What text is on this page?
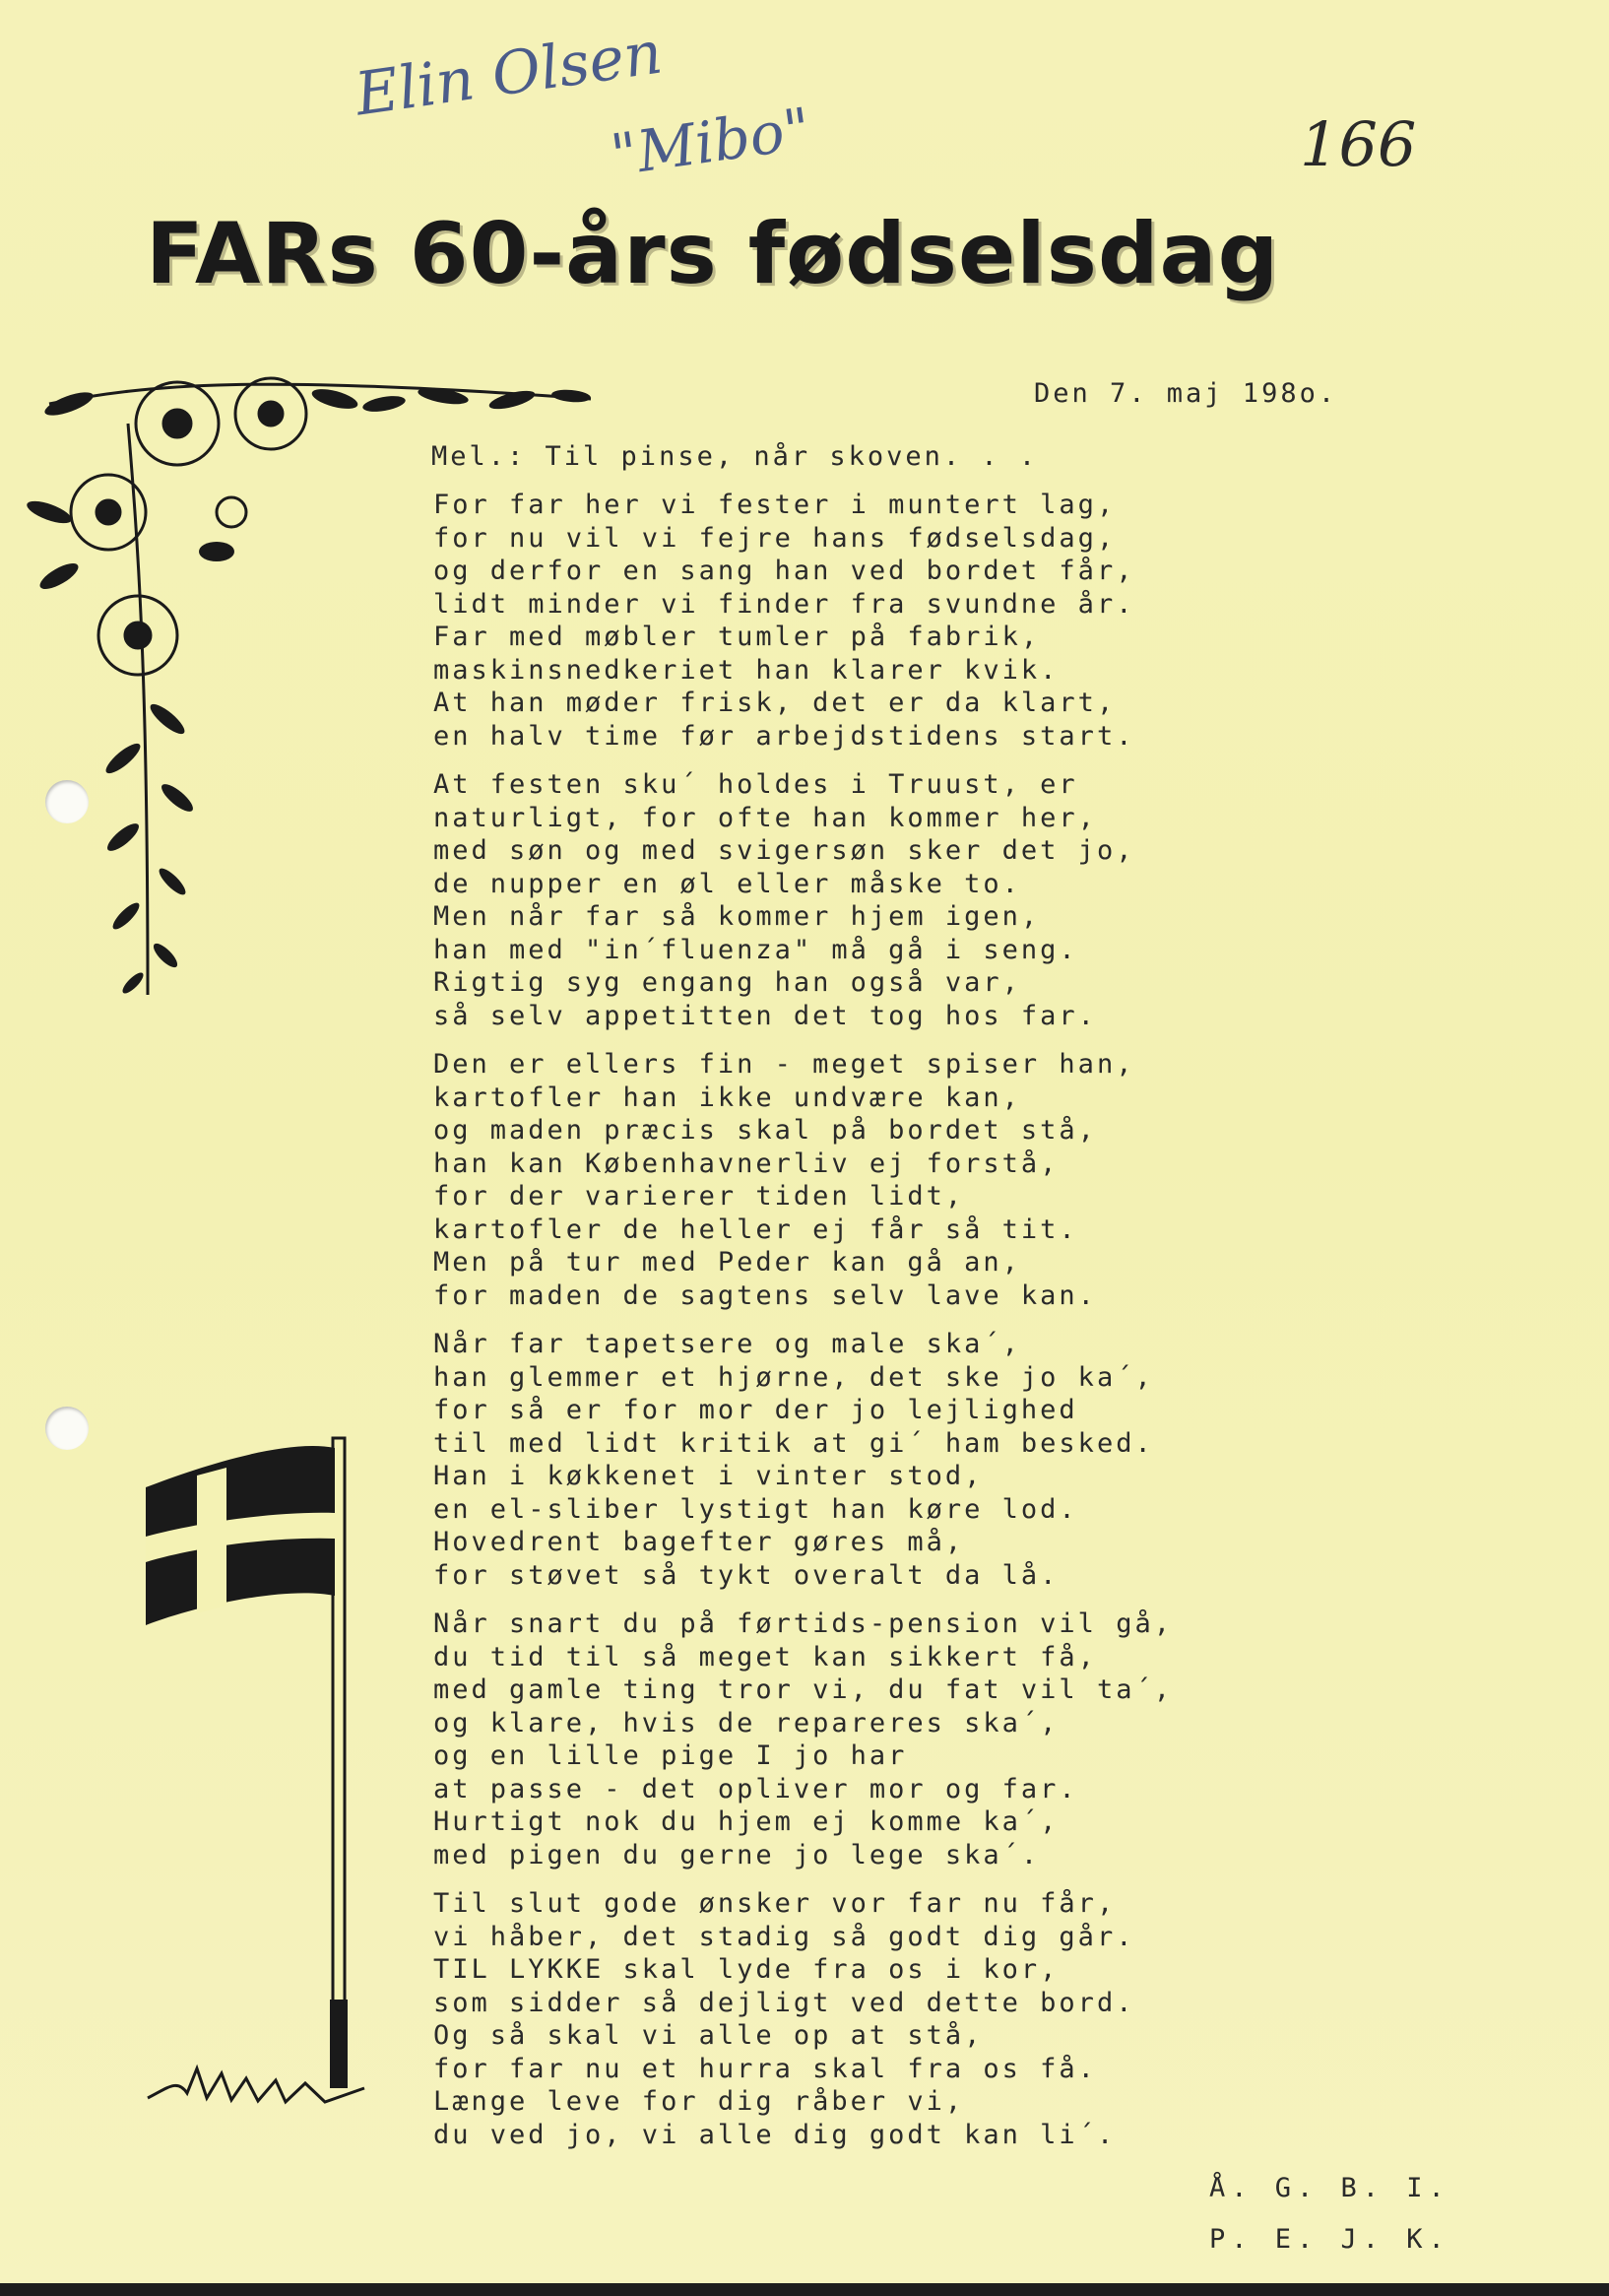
Elin Olsen
"Mibo"	166
FARs 60-års fødselsdag
Den 7. maj 198o.
Mel.: Til pinse, når skoven. . .
For far her vi fester i muntert lag,
for nu vil vi fejre hans fødselsdag,
og derfor en sang han ved bordet får,
lidt minder vi finder fra svundne år.
Far med møbler tumler på fabrik,
maskinsnedkeriet han klarer kvik.
At han møder frisk, det er da klart,
en halv time før arbejdstidens start.
At festen sku´ holdes i Truust, er
naturligt, for ofte han kommer her,
med søn og med svigersøn sker det jo,
de nupper en øl eller måske to.
Men når far så kommer hjem igen,
han med "in´fluenza" må gå i seng.
Rigtig syg engang han også var,
så selv appetitten det tog hos far.
Den er ellers fin - meget spiser han,
kartofler han ikke undvære kan,
og maden præcis skal på bordet stå,
han kan Københavnerliv ej forstå,
for der varierer tiden lidt,
kartofler de heller ej får så tit.
Men på tur med Peder kan gå an,
for maden de sagtens selv lave kan.
Når far tapetsere og male ska´,
han glemmer et hjørne, det ske jo ka´,
for så er for mor der jo lejlighed
til med lidt kritik at gi´ ham besked.
Han i køkkenet i vinter stod,
en el-sliber lystigt han køre lod.
Hovedrent bagefter gøres må,
for støvet så tykt overalt da lå.
Når snart du på førtids-pension vil gå,
du tid til så meget kan sikkert få,
med gamle ting tror vi, du fat vil ta´,
og klare, hvis de repareres ska´,
og en lille pige I jo har
at passe - det opliver mor og far.
Hurtigt nok du hjem ej komme ka´,
med pigen du gerne jo lege ska´.
Til slut gode ønsker vor far nu får,
vi håber, det stadig så godt dig går.
TIL LYKKE skal lyde fra os i kor,
som sidder så dejligt ved dette bord.
Og så skal vi alle op at stå,
for far nu et hurra skal fra os få.
Længe leve for dig råber vi,
du ved jo, vi alle dig godt kan li´.
Å. G. B. I.
P. E. J. K.
